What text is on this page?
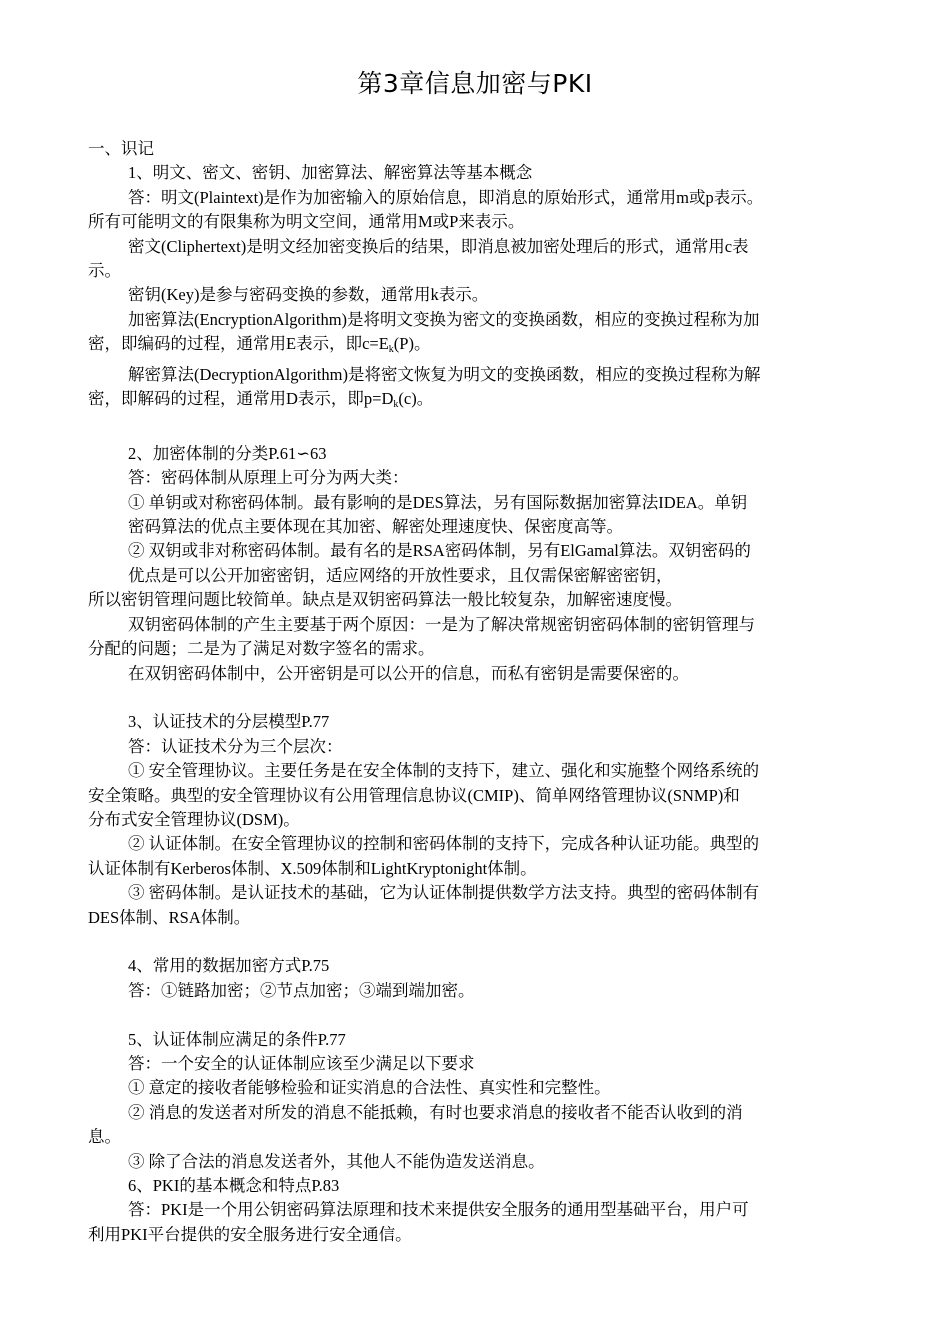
第3章信息加密与PKI

一、识记

1、明文、密文、密钥、加密算法、解密算法等基本概念

答：明文(Plaintext)是作为加密输入的原始信息，即消息的原始形式，通常用m或p表示。

所有可能明文的有限集称为明文空间，通常用M或P来表示。

密文(Cliphertext)是明文经加密变换后的结果，即消息被加密处理后的形式，通常用c表

示。

密钥(Key)是参与密码变换的参数，通常用k表示。

加密算法(EncryptionAlgorithm)是将明文变换为密文的变换函数，相应的变换过程称为加

密，即编码的过程，通常用E表示，即$c=E_k(P)$。

解密算法(DecryptionAlgorithm)是将密文恢复为明文的变换函数，相应的变换过程称为解

密，即解码的过程，通常用D表示，即$p=D_k(c)$。

2、加密体制的分类P.61∽63

答：密码体制从原理上可分为两大类：

① 单钥或对称密码体制。最有影响的是DES算法，另有国际数据加密算法IDEA。单钥

密码算法的优点主要体现在其加密、解密处理速度快、保密度高等。

② 双钥或非对称密码体制。最有名的是RSA密码体制，另有ElGamal算法。双钥密码的

优点是可以公开加密密钥，适应网络的开放性要求，且仅需保密解密密钥，

所以密钥管理问题比较简单。缺点是双钥密码算法一般比较复杂，加解密速度慢。

双钥密码体制的产生主要基于两个原因：一是为了解决常规密钥密码体制的密钥管理与

分配的问题；二是为了满足对数字签名的需求。

在双钥密码体制中，公开密钥是可以公开的信息，而私有密钥是需要保密的。

3、认证技术的分层模型P.77

答：认证技术分为三个层次：

① 安全管理协议。主要任务是在安全体制的支持下，建立、强化和实施整个网络系统的

安全策略。典型的安全管理协议有公用管理信息协议(CMIP)、简单网络管理协议(SNMP)和

分布式安全管理协议(DSM)。

② 认证体制。在安全管理协议的控制和密码体制的支持下，完成各种认证功能。典型的

认证体制有Kerberos体制、X.509体制和LightKryptonight体制。

③ 密码体制。是认证技术的基础，它为认证体制提供数学方法支持。典型的密码体制有

DES体制、RSA体制。

4、常用的数据加密方式P.75

答：①链路加密；②节点加密；③端到端加密。

5、认证体制应满足的条件P.77

答：一个安全的认证体制应该至少满足以下要求

① 意定的接收者能够检验和证实消息的合法性、真实性和完整性。

② 消息的发送者对所发的消息不能抵赖，有时也要求消息的接收者不能否认收到的消

息。

③ 除了合法的消息发送者外，其他人不能伪造发送消息。

6、PKI的基本概念和特点P.83

答：PKI是一个用公钥密码算法原理和技术来提供安全服务的通用型基础平台，用户可

利用PKI平台提供的安全服务进行安全通信。
